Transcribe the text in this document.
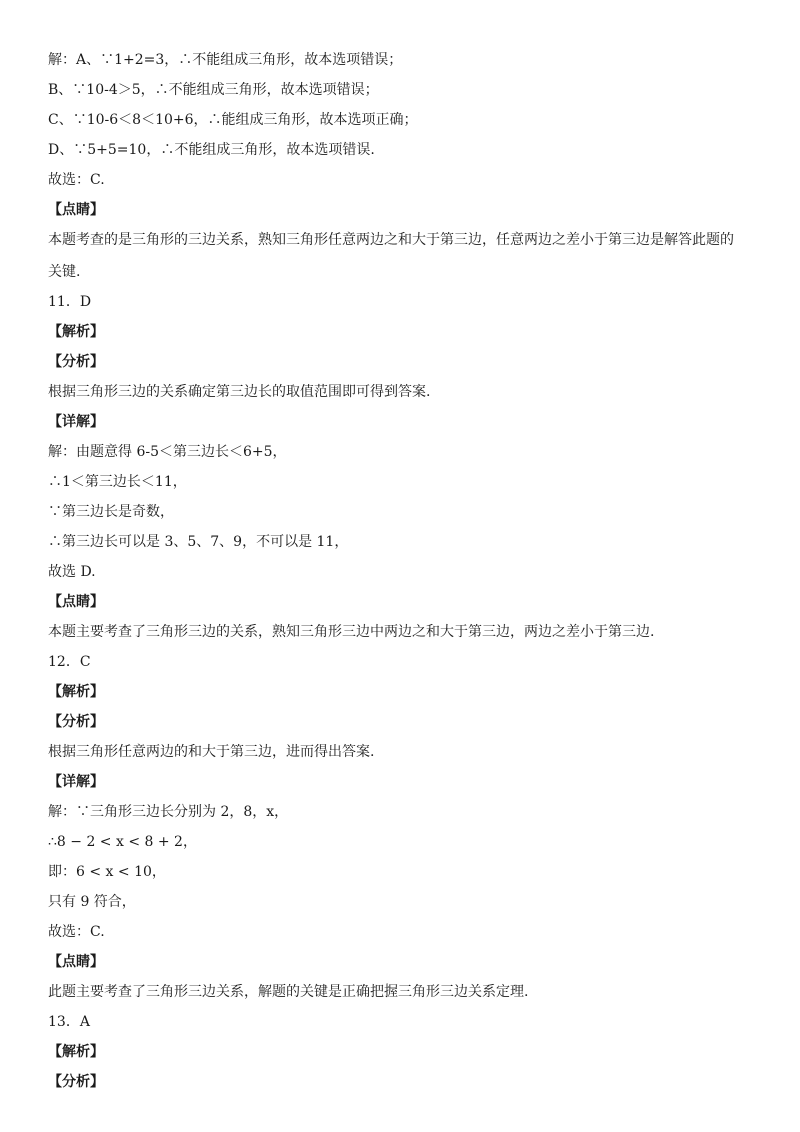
解：A、∵1+2=3，∴不能组成三角形，故本选项错误；
B、∵10-4＞5，∴不能组成三角形，故本选项错误；
C、∵10-6＜8＜10+6，∴能组成三角形，故本选项正确；
D、∵5+5=10，∴不能组成三角形，故本选项错误.
故选：C.
【点睛】
本题考查的是三角形的三边关系，熟知三角形任意两边之和大于第三边，任意两边之差小于第三边是解答此题的
关键.
11．D
【解析】
【分析】
根据三角形三边的关系确定第三边长的取值范围即可得到答案.
【详解】
解：由题意得 6-5＜第三边长＜6+5，
∴1＜第三边长＜11，
∵第三边长是奇数，
∴第三边长可以是 3、5、7、9，不可以是 11，
故选 D.
【点睛】
本题主要考查了三角形三边的关系，熟知三角形三边中两边之和大于第三边，两边之差小于第三边.
12．C
【解析】
【分析】
根据三角形任意两边的和大于第三边，进而得出答案.
【详解】
解：∵三角形三边长分别为 2，8，x，
∴8 − 2 < x < 8 + 2，
即：6 < x < 10，
只有 9 符合，
故选：C.
【点睛】
此题主要考查了三角形三边关系，解题的关键是正确把握三角形三边关系定理.
13．A
【解析】
【分析】
